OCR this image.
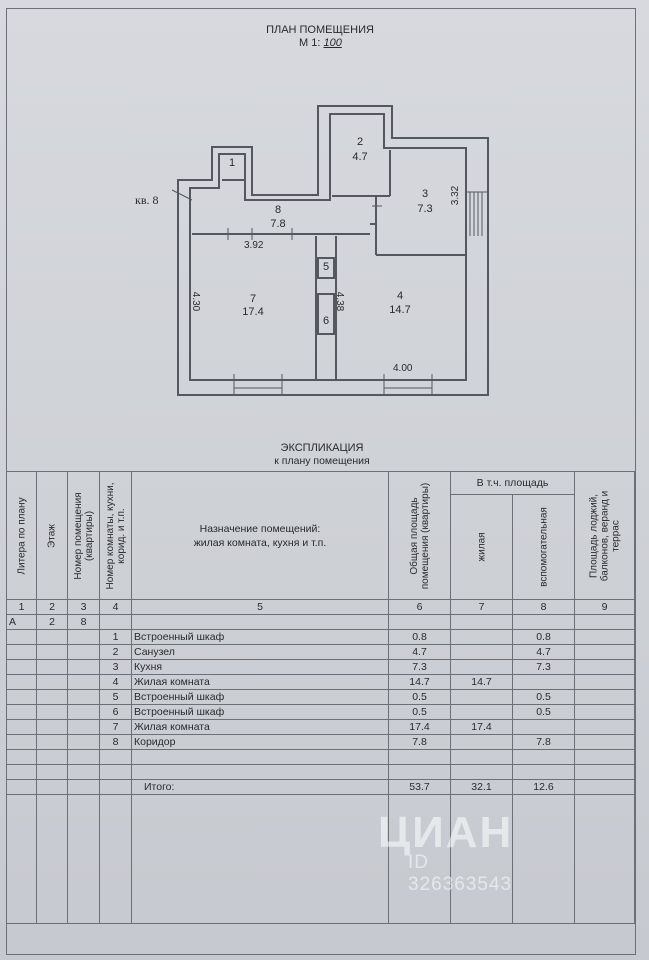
ПЛАН ПОМЕЩЕНИЯ
М 1: 100
1
2
4.7
3
7.3
4
14.7
5
6
7
17.4
8
7.8
кв. 8
3.92
3.32
4.30	4.38
4.00
ЭКСПЛИКАЦИЯ
к плану помещения
Литера по плану	Этаж	Номер помещения (квартиры)	Номер комнаты, кухни, корид. и т.п.	Назначение помещений: жилая комната, кухня и т.п.	Общая площадь помещения (квартиры)	В т.ч. площадь		Площадь лоджий, балконов, веранд и террас

						жилая	вспомогательная	

1	2	3	4	5	6	7	8	9
А	2	8						
			1	Встроенный шкаф	0.8		0.8	
			2	Санузел	4.7		4.7	
			3	Кухня	7.3		7.3	
			4	Жилая комната	14.7	14.7		
			5	Встроенный шкаф	0.5		0.5	
			6	Встроенный шкаф	0.5		0.5	
			7	Жилая комната	17.4	17.4		
			8	Коридор	7.8		7.8	

				Итого:	53.7	32.1	12.6	

ЦИАН
ID 326363543
